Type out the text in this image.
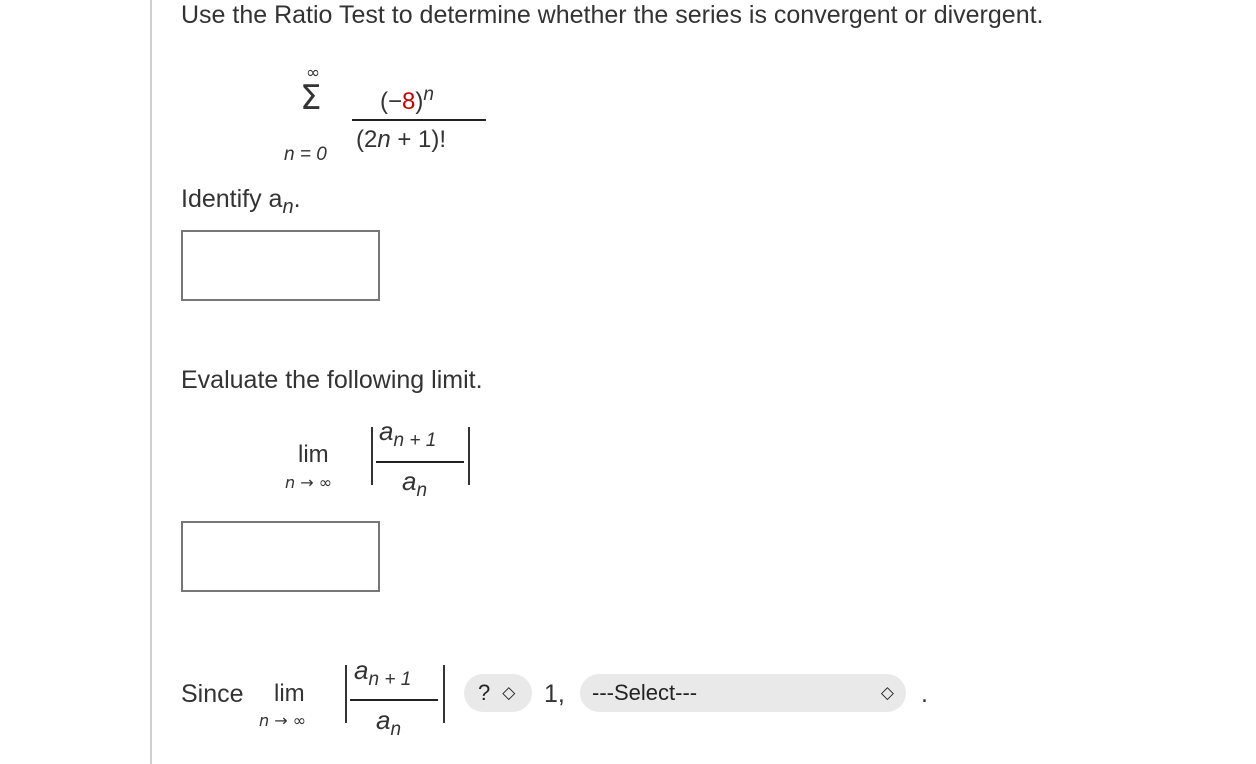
Use the Ratio Test to determine whether the series is convergent or divergent.
∞
Σ
n = 0
$(-8)^n$
(2n + 1)!
Identify $a_n$.
Evaluate the following limit.
lim
n → ∞
$a_{n + 1}$
$a_n$
Since lim
n → ∞
$a_{n + 1}$
$a_n$
? ◇ 1, ---Select---	◇ .
